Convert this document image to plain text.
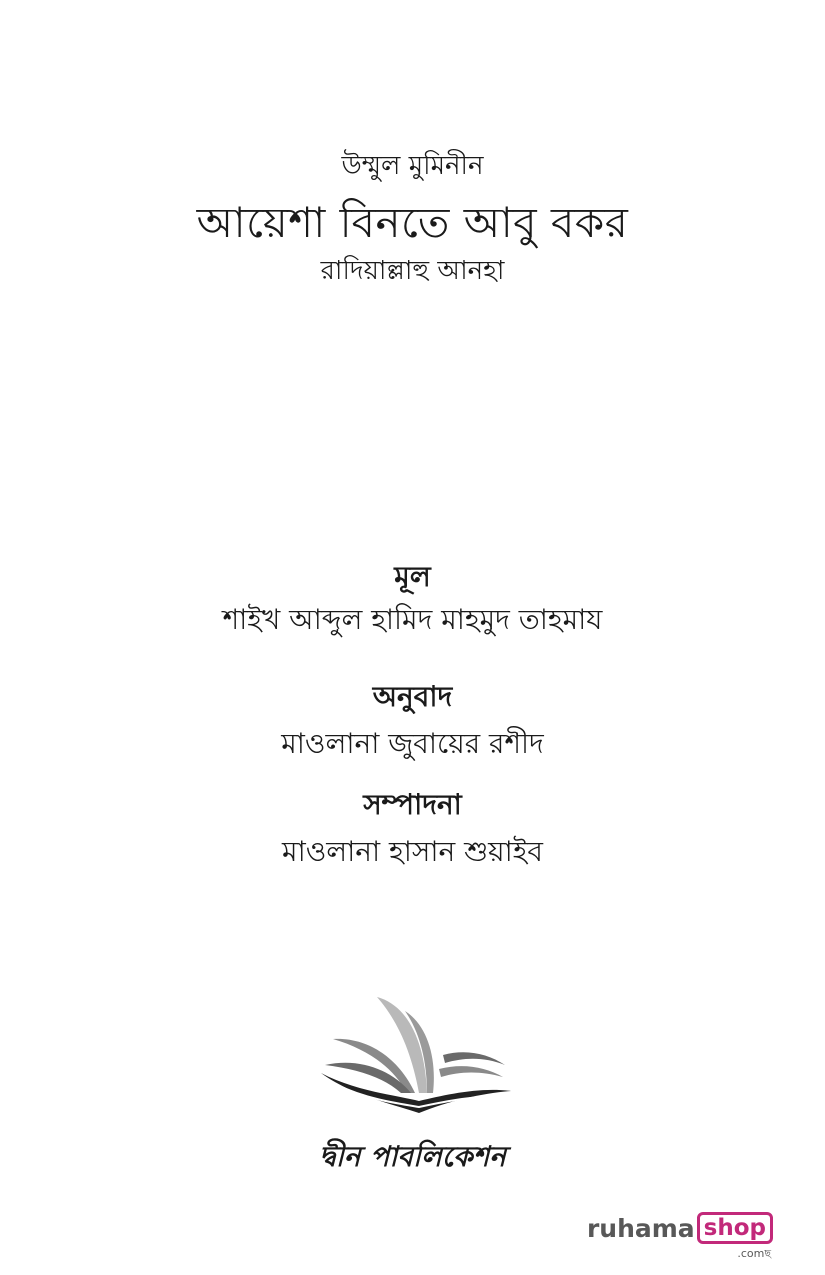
উম্মুল মুমিনীন
আয়েশা বিনতে আবু বকর
রাদিয়াল্লাহু আনহা
মূল
শাইখ আব্দুল হামিদ মাহমুদ তাহমায
অনুবাদ
মাওলানা জুবায়ের রশীদ
সম্পাদনা
মাওলানা হাসান শুয়াইব
দ্বীন পাবলিকেশন
ruhama shop
.comছ
